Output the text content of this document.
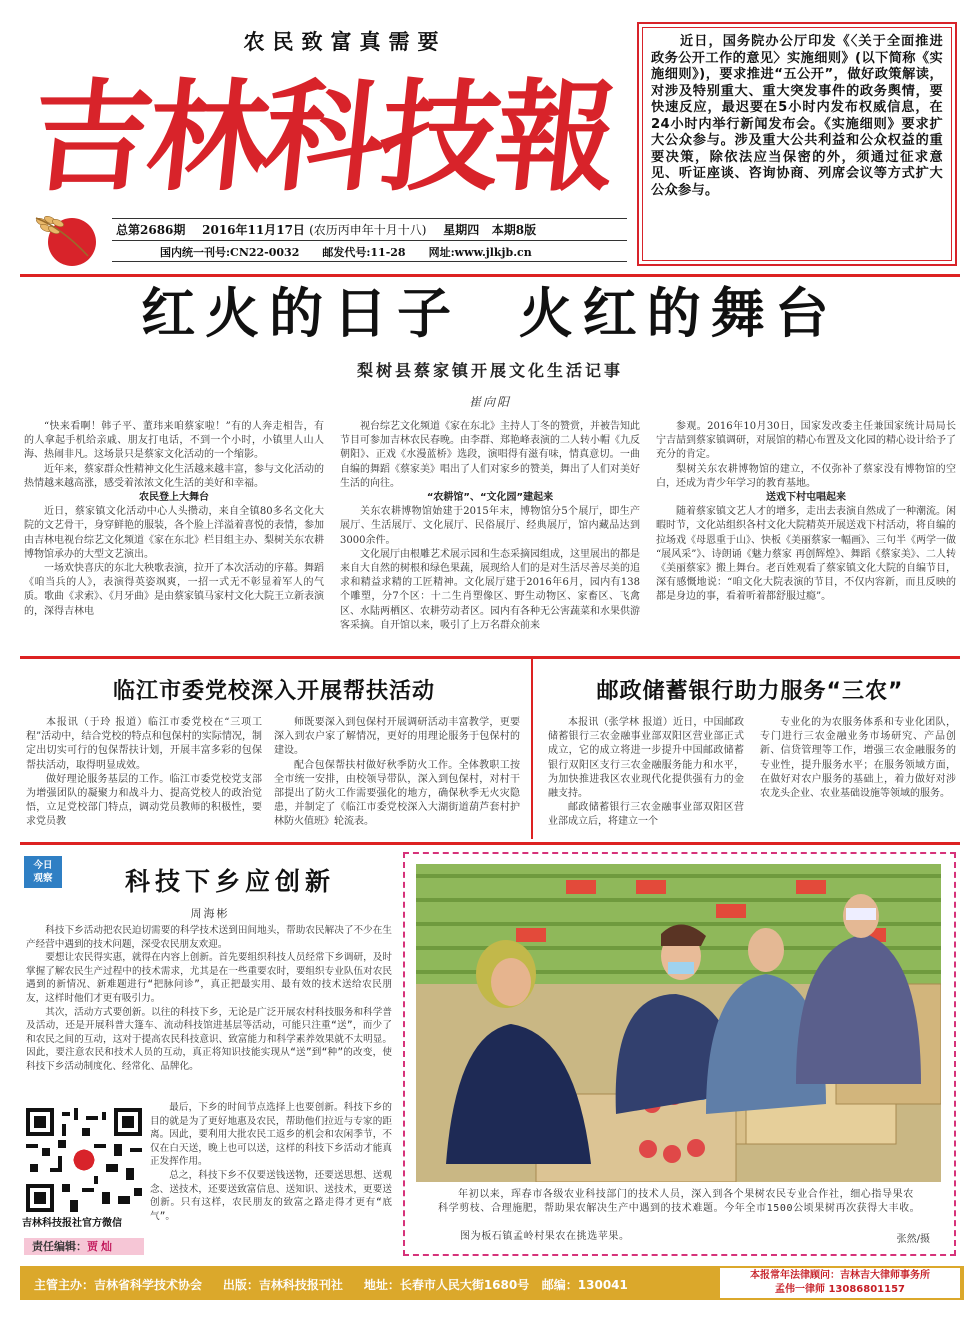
农民致富真需要
吉林科技報
总第2686期 2016年11月17日 (农历丙申年十月十八) 星期四 本期8版
国内统一刊号:CN22-0032 邮发代号:11-28 网址:www.jlkjb.cn
近日，国务院办公厅印发《〈关于全面推进政务公开工作的意见〉实施细则》(以下简称《实施细则》)，要求推进“五公开”，做好政策解读，对涉及特别重大、重大突发事件的政务舆情，要快速反应，最迟要在5小时内发布权威信息，在24小时内举行新闻发布会。《实施细则》要求扩大公众参与。涉及重大公共利益和公众权益的重要决策，除依法应当保密的外，须通过征求意见、听证座谈、咨询协商、列席会议等方式扩大公众参与。
红火的日子  火红的舞台
梨树县蔡家镇开展文化生活记事
崔向阳

“快来看啊！韩子平、董玮来咱蔡家啦！”有的人奔走相告，有的人拿起手机给亲戚、朋友打电话，不到一个小时，小镇里人山人海、热闹非凡。这场景只是蔡家文化活动的一个缩影。

近年来，蔡家群众性精神文化生活越来越丰富，参与文化活动的热情越来越高涨，感受着浓浓文化生活的美好和幸福。

农民登上大舞台

近日，蔡家镇文化活动中心人头攒动，来自全镇80多名文化大院的文艺骨干，身穿鲜艳的服装，各个脸上洋溢着喜悦的表情，参加由吉林电视台综艺文化频道《家在东北》栏目组主办、梨树关东农耕博物馆承办的大型文艺演出。

一场欢快喜庆的东北大秧歌表演，拉开了本次活动的序幕。舞蹈《咱当兵的人》，表演得英姿飒爽，一招一式无不彰显着军人的气质。歌曲《求索》、《月牙曲》是由蔡家镇马家村文化大院王立新表演的，深得吉林电

视台综艺文化频道《家在东北》主持人丁冬的赞赏，并被告知此节目可参加吉林农民春晚。由李群、郑艳峰表演的二人转小帽《九反朝阳》、正戏《水漫蓝桥》选段，演唱得有滋有味，情真意切。一曲自编的舞蹈《蔡家美》唱出了人们对家乡的赞美，舞出了人们对美好生活的向往。

“农耕馆”、“文化园”建起来

关东农耕博物馆始建于2015年末，博物馆分5个展厅，即生产展厅、生活展厅、文化展厅、民俗展厅、经典展厅，馆内藏品达到3000余件。

文化展厅由根雕艺术展示园和生态采摘园组成，这里展出的都是来自大自然的树根和绿色果蔬，展现给人们的是对生活尽善尽美的追求和精益求精的工匠精神。文化展厅建于2016年6月，园内有138个雕塑，分7个区：十二生肖塑像区、野生动物区、家畜区、飞禽区、水陆两栖区、农耕劳动者区。园内有各种无公害蔬菜和水果供游客采摘。自开馆以来，吸引了上万名群众前来

参观。2016年10月30日，国家发改委主任兼国家统计局局长宁吉喆到蔡家镇调研，对展馆的精心布置及文化园的精心设计给予了充分的肯定。

梨树关东农耕博物馆的建立，不仅弥补了蔡家没有博物馆的空白，还成为青少年学习的教育基地。

送戏下村屯唱起来

随着蔡家镇文艺人才的增多，走出去表演自然成了一种潮流。闲暇时节，文化站组织各村文化大院精英开展送戏下村活动，将自编的拉场戏《母恩重于山》、快板《美丽蔡家一幅画》、三句半《两学一做 “展风采”》、诗朗诵《魅力蔡家 再创辉煌》、舞蹈《蔡家美》、二人转《美丽蔡家》搬上舞台。老百姓观看了蔡家镇文化大院的自编节目，深有感慨地说：“咱文化大院表演的节目，不仅内容新，而且反映的都是身边的事，看着听着都舒服过瘾”。

临江市委党校深入开展帮扶活动

本报讯（于玲 报道）临江市委党校在“三项工程”活动中，结合党校的特点和包保村的实际情况，制定出切实可行的包保帮扶计划，开展丰富多彩的包保帮扶活动，取得明显成效。

做好理论服务基层的工作。临江市委党校党支部为增强团队的凝聚力和战斗力、提高党校人的政治觉悟，立足党校部门特点，调动党员教师的积极性，要求党员教

师既要深入到包保村开展调研活动丰富教学，更要深入到农户家了解情况，更好的用理论服务于包保村的建设。

配合包保帮扶村做好秋季防火工作。全体教职工按全市统一安排，由校领导带队，深入到包保村，对村干部提出了防火工作需要强化的地方，确保秋季无火灾隐患，并制定了《临江市委党校深入大湖街道葫芦套村护林防火值班》轮流表。

邮政储蓄银行助力服务“三农”

本报讯（张学林 报道）近日，中国邮政储蓄银行三农金融事业部双阳区营业部正式成立，它的成立将进一步提升中国邮政储蓄银行双阳区支行三农金融服务能力和水平，为加快推进我区农业现代化提供强有力的金融支持。

邮政储蓄银行三农金融事业部双阳区营业部成立后，将建立一个

专业化的为农服务体系和专业化团队，专门进行三农金融业务市场研究、产品创新、信贷管理等工作，增强三农金融服务的专业性，提升服务水平；在服务领域方面，在做好对农户服务的基础上，着力做好对涉农龙头企业、农业基础设施等领域的服务。

今日
观察	科技下乡应创新
周海彬

科技下乡活动把农民迫切需要的科学技术送到田间地头，帮助农民解决了不少在生产经营中遇到的技术问题，深受农民朋友欢迎。

要想让农民得实惠，就得在内容上创新。首先要组织科技人员经常下乡调研，及时掌握了解农民生产过程中的技术需求，尤其是在一些重要农时，要组织专业队伍对农民遇到的新情况、新难题进行“把脉问诊”，真正把最实用、最有效的技术送给农民朋友，这样时他们才更有吸引力。

其次，活动方式要创新。以往的科技下乡，无论是广泛开展农村科技服务和科学普及活动，还是开展科普大篷车、流动科技馆进基层等活动，可能只注重“送”，而少了和农民之间的互动，这对于提高农民科技意识、致富能力和科学素养效果就不太明显。因此，要注意农民和技术人员的互动，真正将知识技能实现从“送”到“种”的改变，使科技下乡活动制度化、经常化、品牌化。

吉林科技报社官方微信
责任编辑：贾灿

最后，下乡的时间节点选择上也要创新。科技下乡的目的就是为了更好地惠及农民，帮助他们拉近与专家的距离。因此，要利用大批农民工返乡的机会和农闲季节，不仅在白天送，晚上也可以送，这样的科技下乡活动才能真正发挥作用。

总之，科技下乡不仅要送钱送物，还要送思想、送观念、送技术，还要送致富信息、送知识、送技术，更要送创新。只有这样，农民朋友的致富之路走得才更有“底气”。

年初以来，珲春市各级农业科技部门的技术人员，深入到各个果树农民专业合作社，细心指导果农科学剪枝、合理施肥，帮助果农解决生产中遇到的技术难题。今年全市1500公顷果树再次获得大丰收。
图为板石镇孟岭村果农在挑选苹果。	张然/摄
主管主办：吉林省科学技术协会 出版：吉林科技报刊社 地址：长春市人民大街1680号 邮编：130041
本报常年法律顾问：吉林吉大律师事务所
孟伟一律师 13086801157
